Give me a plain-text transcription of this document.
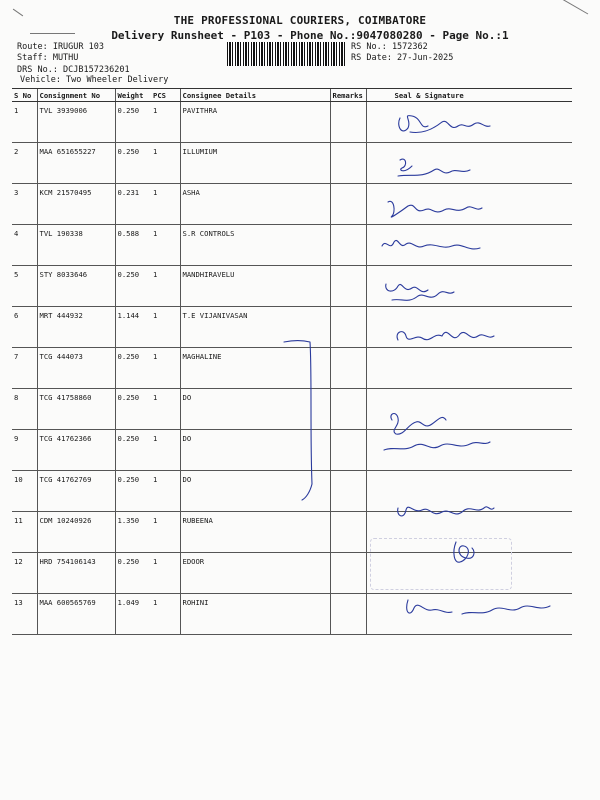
THE PROFESSIONAL COURIERS, COIMBATORE
Delivery Runsheet - P103 - Phone No.:9047080280 - Page No.:1
Route: IRUGUR 103
Staff: MUTHU
DRS No.: DCJB157236201
Vehicle: Two Wheeler Delivery
RS No.: 1572362
RS Date: 27-Jun-2025
S No	Consignment No	Weight	PCS	Consignee Details	Remarks	Seal & Signature
1	TVL 3939006	0.250	1	PAVITHRA		
2	MAA 651655227	0.250	1	ILLUMIUM		
3	KCM 21570495	0.231	1	ASHA		
4	TVL 190338	0.588	1	S.R CONTROLS		
5	STY 8033646	0.250	1	MANDHIRAVELU		
6	MRT 444932	1.144	1	T.E VIJANIVASAN		
7	TCG 444073	0.250	1	MAGHALINE		
8	TCG 41758860	0.250	1	DO		
9	TCG 41762366	0.250	1	DO		
10	TCG 41762769	0.250	1	DO		
11	CDM 10240926	1.350	1	RUBEENA		
12	HRD 754106143	0.250	1	EDOOR		
13	MAA 600565769	1.049	1	ROHINI		
